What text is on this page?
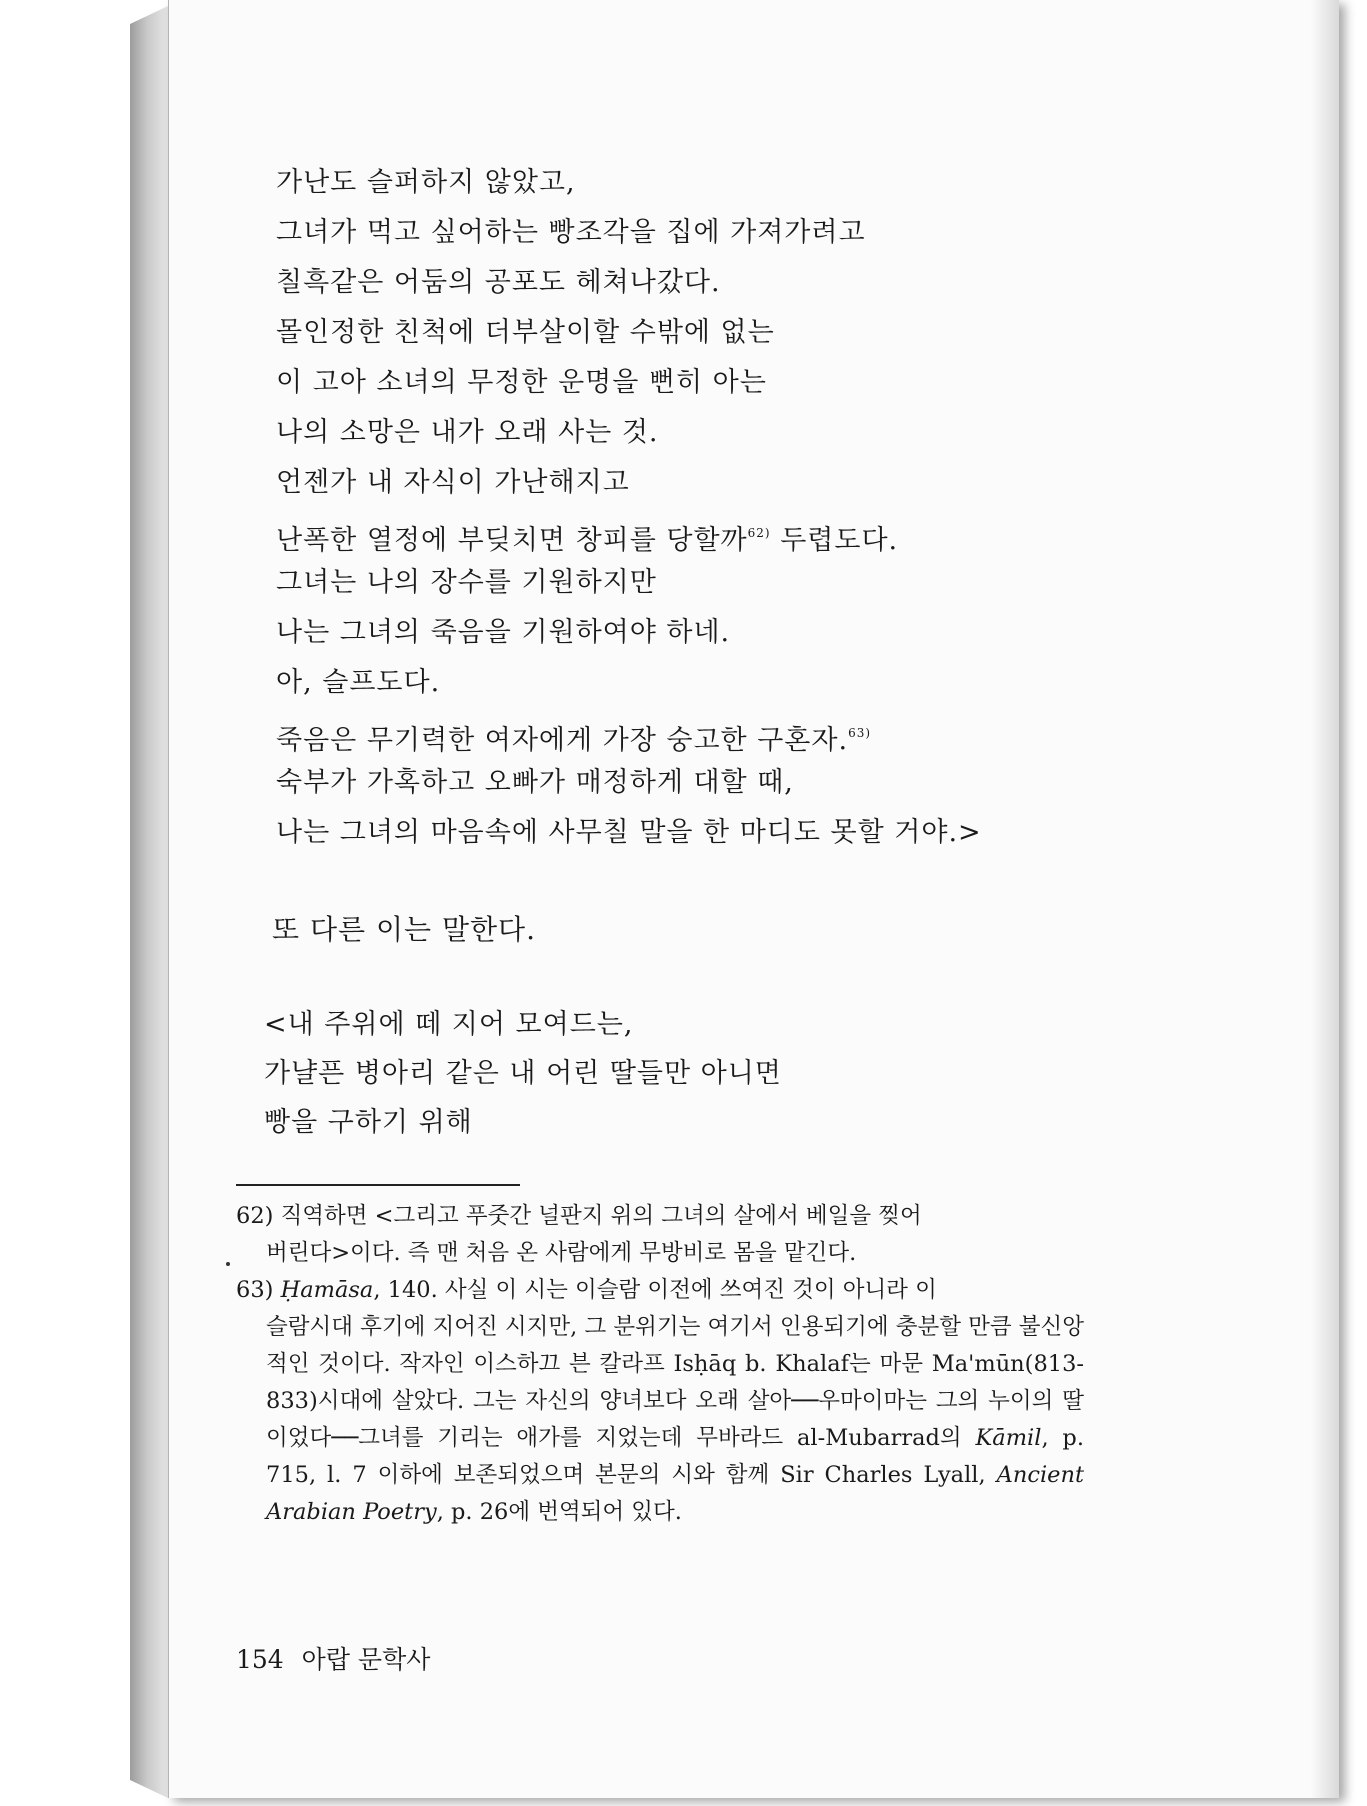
가난도 슬퍼하지 않았고,
그녀가 먹고 싶어하는 빵조각을 집에 가져가려고
칠흑같은 어둠의 공포도 헤쳐나갔다.
몰인정한 친척에 더부살이할 수밖에 없는
이 고아 소녀의 무정한 운명을 뻔히 아는
나의 소망은 내가 오래 사는 것.
언젠가 내 자식이 가난해지고
난폭한 열정에 부딪치면 창피를 당할까$^{62)}$ 두렵도다.
그녀는 나의 장수를 기원하지만
나는 그녀의 죽음을 기원하여야 하네.
아, 슬프도다.
죽음은 무기력한 여자에게 가장 숭고한 구혼자.$^{63)}$
숙부가 가혹하고 오빠가 매정하게 대할 때,
나는 그녀의 마음속에 사무칠 말을 한 마디도 못할 거야.>

또 다른 이는 말한다.

<내 주위에 떼 지어 모여드는,
가냘픈 병아리 같은 내 어린 딸들만 아니면
빵을 구하기 위해

62) 직역하면 <그리고 푸줏간 널판지 위의 그녀의 살에서 베일을 찢어
버린다>이다. 즉 맨 처음 온 사람에게 무방비로 몸을 맡긴다.

63) Ḥamāsa, 140. 사실 이 시는 이슬람 이전에 쓰여진 것이 아니라 이
슬람시대 후기에 지어진 시지만, 그 분위기는 여기서 인용되기에 충분할 만큼 불신앙적인 것이다. 작자인 이스하끄 븐 칼라프 Isḥāq b. Khalaf는 마문 Ma'mūn(813-833)시대에 살았다. 그는 자신의 양녀보다 오래 살아──우마이마는 그의 누이의 딸이었다──그녀를 기리는 애가를 지었는데 무바라드 al-Mubarrad의 Kāmil, p. 715, l. 7 이하에 보존되었으며 본문의 시와 함께 Sir Charles Lyall, Ancient Arabian Poetry, p. 26에 번역되어 있다.

154 아랍 문학사
